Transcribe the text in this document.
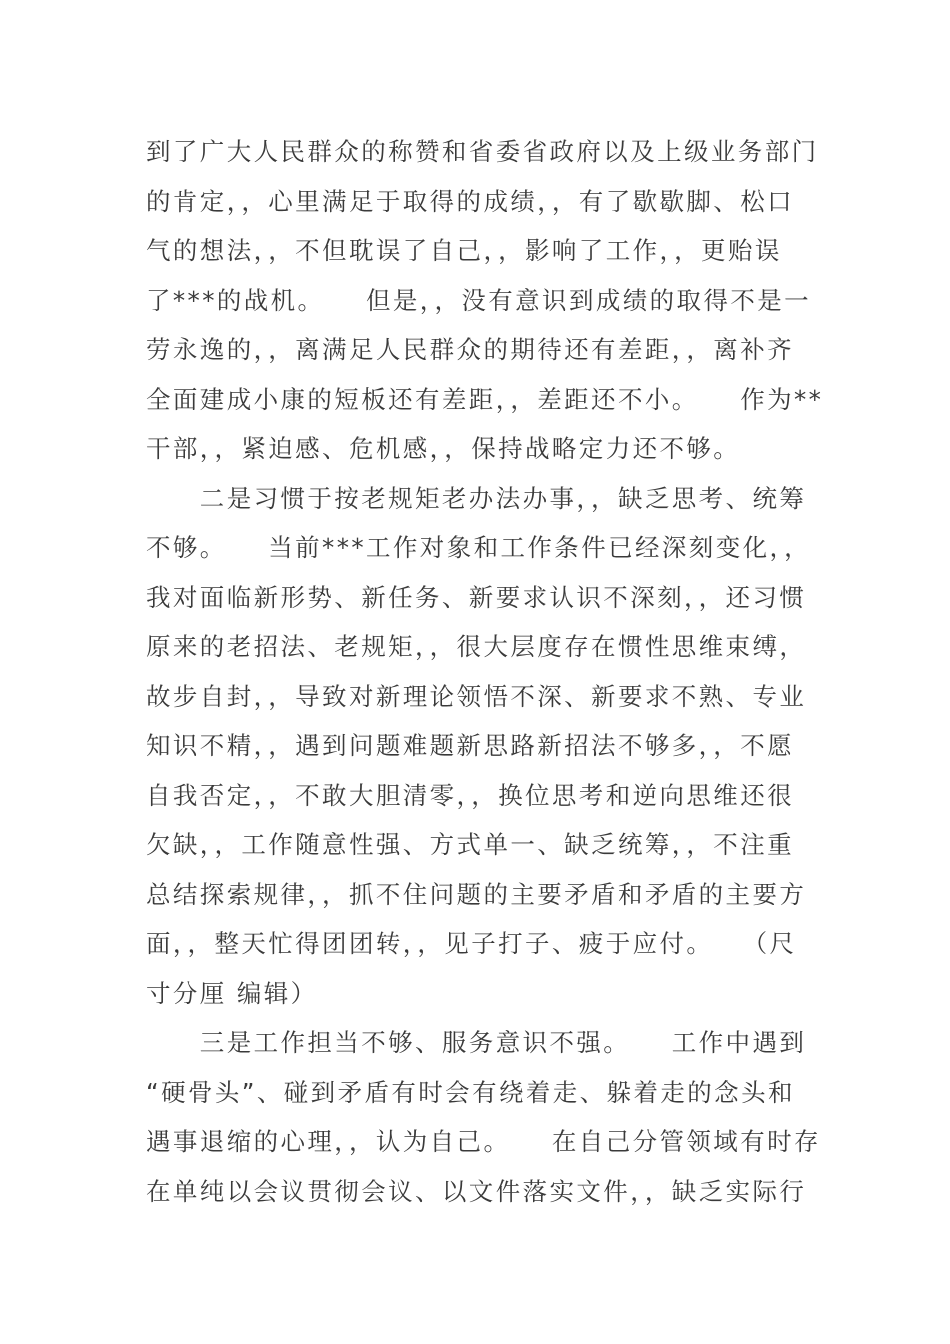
到了广大人民群众的称赞和省委省政府以及上级业务部门
的肯定，，心里满足于取得的成绩，，有了歇歇脚、松口
气的想法，，不但耽误了自己，，影响了工作，，更贻误
了***的战机。　　但是，，没有意识到成绩的取得不是一
劳永逸的，，离满足人民群众的期待还有差距，，离补齐
全面建成小康的短板还有差距，，差距还不小。　　作为**
干部，，紧迫感、危机感，，保持战略定力还不够。
　　二是习惯于按老规矩老办法办事，，缺乏思考、统筹
不够。　　当前***工作对象和工作条件已经深刻变化，，
我对面临新形势、新任务、新要求认识不深刻，，还习惯
原来的老招法、老规矩，，很大层度存在惯性思维束缚，
故步自封，，导致对新理论领悟不深、新要求不熟、专业
知识不精，，遇到问题难题新思路新招法不够多，，不愿
自我否定，，不敢大胆清零，，换位思考和逆向思维还很
欠缺，，工作随意性强、方式单一、缺乏统筹，，不注重
总结探索规律，，抓不住问题的主要矛盾和矛盾的主要方
面，，整天忙得团团转，，见子打子、疲于应付。　　（尺
寸分厘 编辑）
　　三是工作担当不够、服务意识不强。　　工作中遇到
“硬骨头”、碰到矛盾有时会有绕着走、躲着走的念头和
遇事退缩的心理，，认为自己。　　在自己分管领域有时存
在单纯以会议贯彻会议、以文件落实文件，，缺乏实际行
